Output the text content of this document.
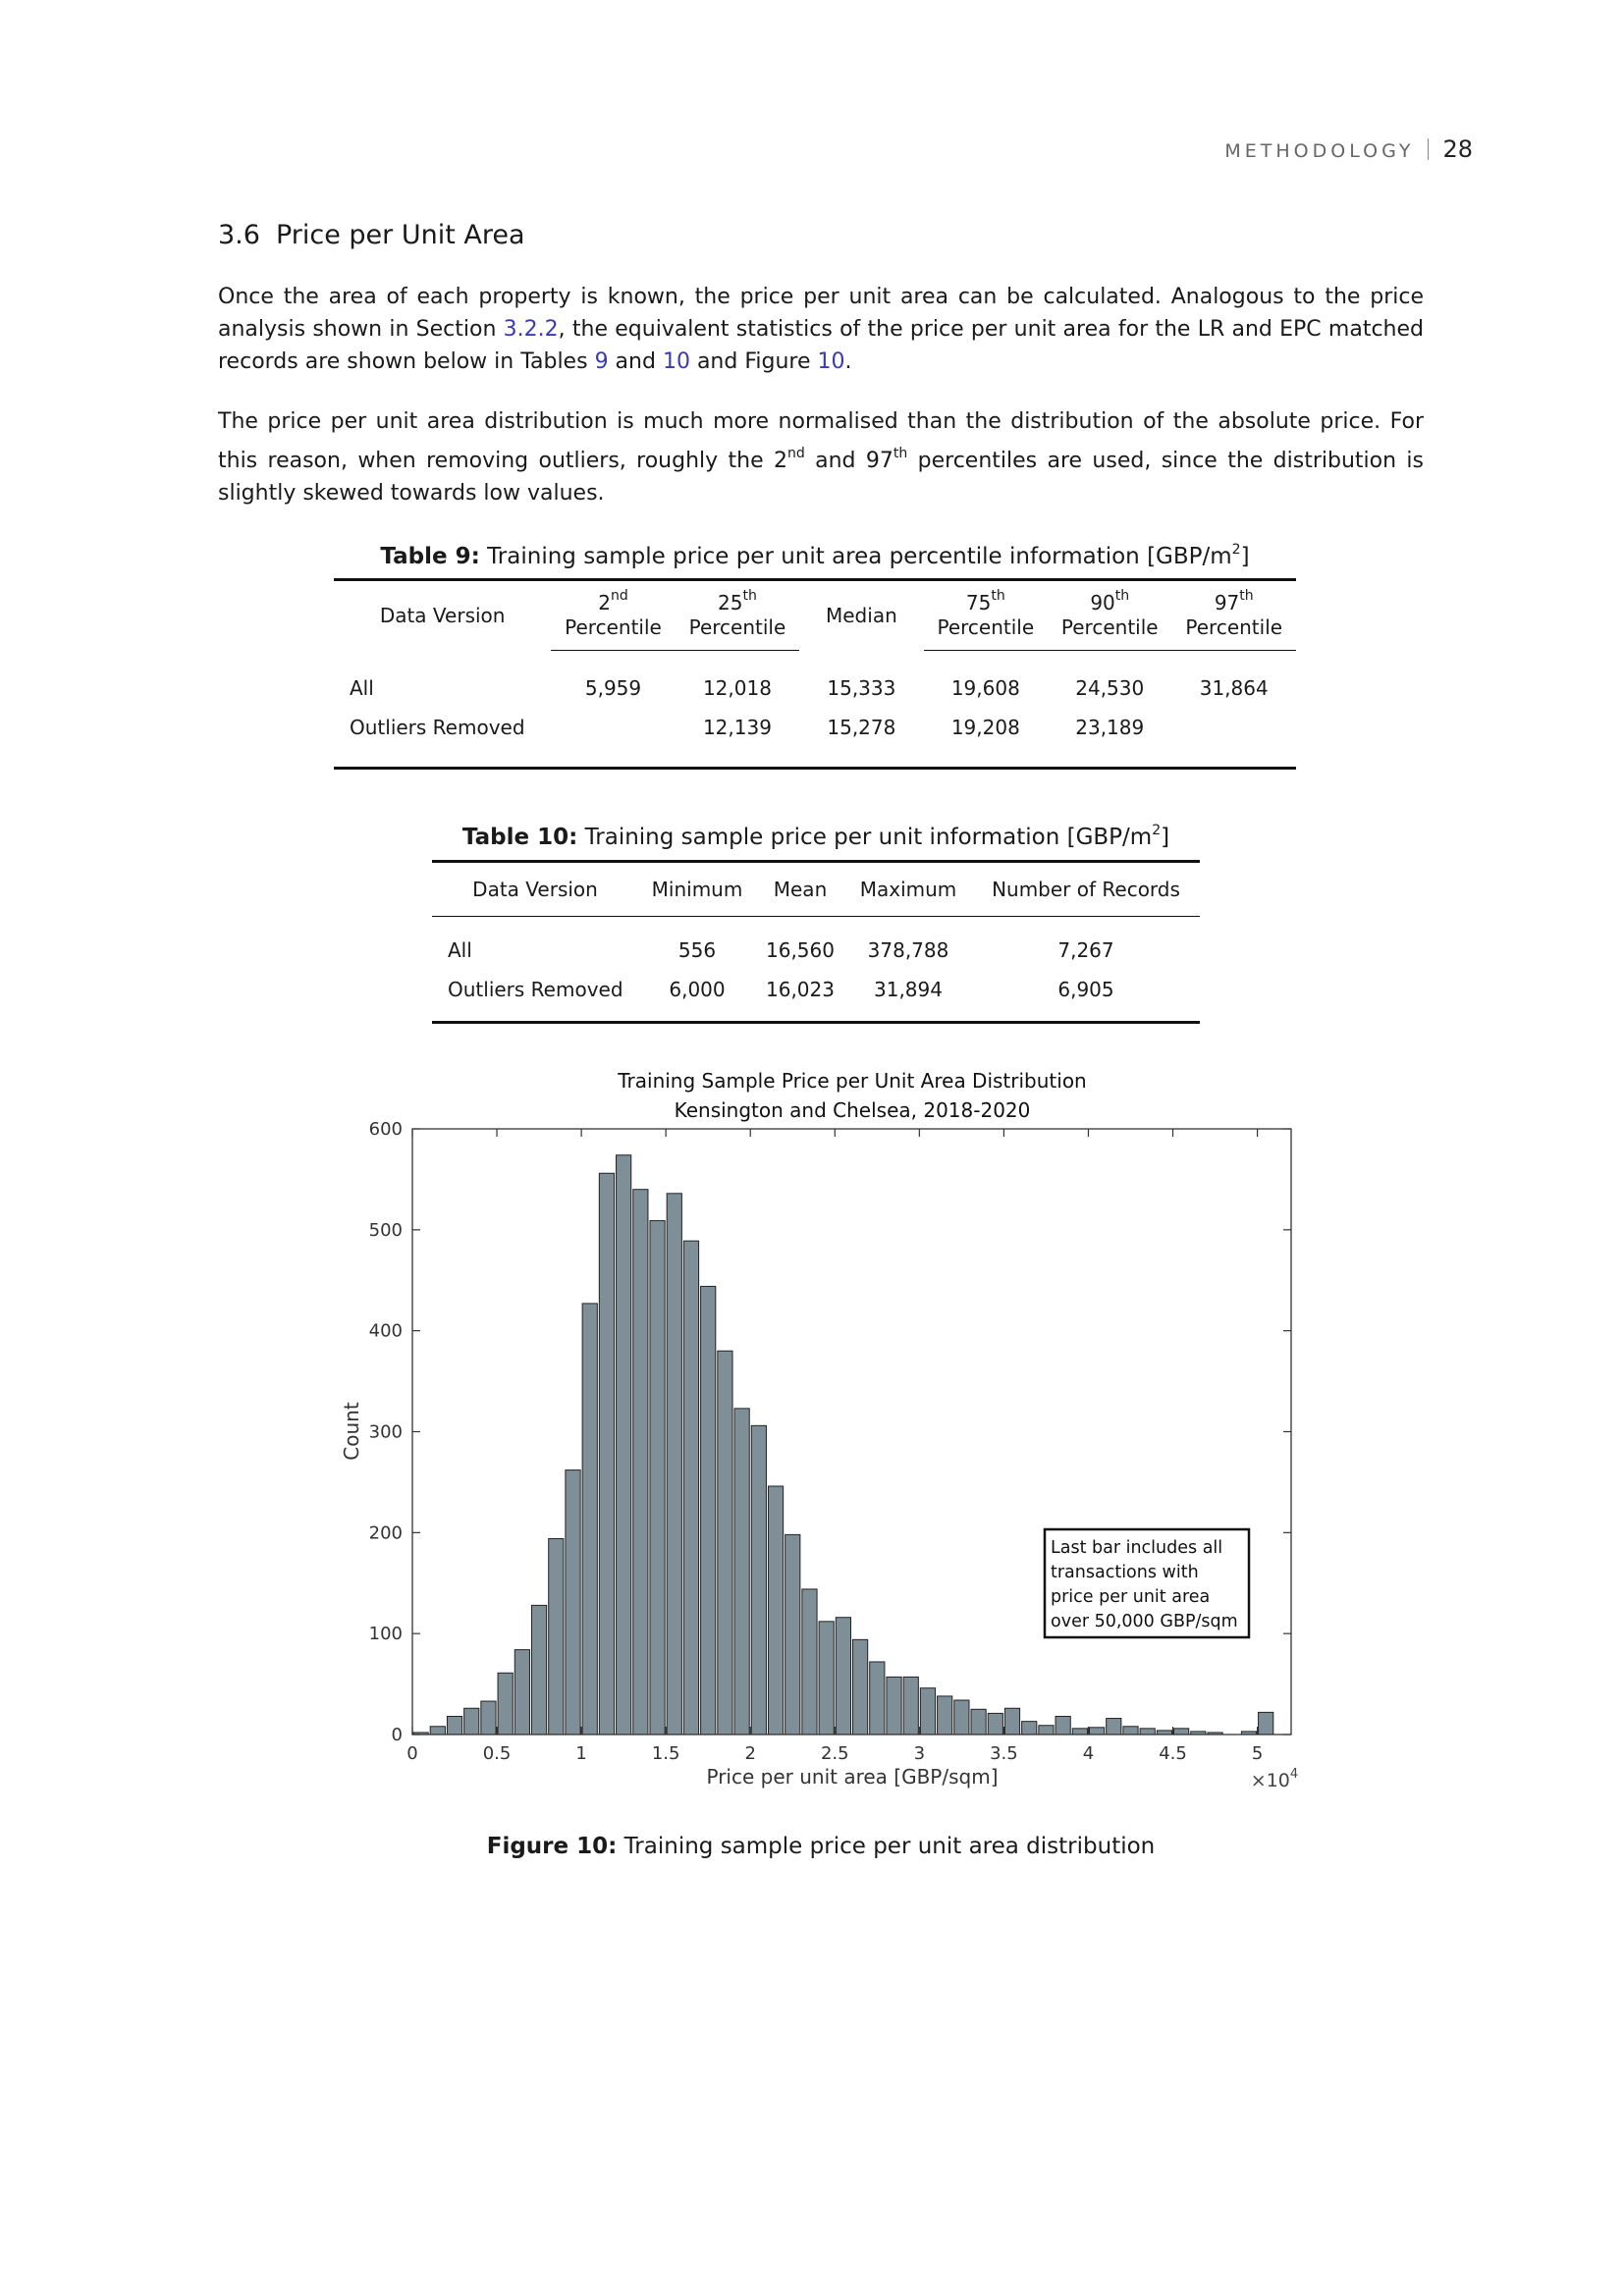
METHODOLOGY 28
3.6 Price per Unit Area
Once the area of each property is known, the price per unit area can be calculated. Analogous to the price analysis shown in Section 3.2.2, the equivalent statistics of the price per unit area for the LR and EPC matched records are shown below in Tables 9 and 10 and Figure 10.
The price per unit area distribution is much more normalised than the distribution of the absolute price. For this reason, when removing outliers, roughly the 2nd and 97th percentiles are used, since the distribution is slightly skewed towards low values.
Table 9: Training sample price per unit area percentile information $[GBP/m^2]$
Data Version	2nd	25th	Median	75th	90th	97th
	Percentile	Percentile		Percentile	Percentile	Percentile
All	5,959	12,018	15,333	19,608	24,530	31,864
Outliers Removed		12,139	15,278	19,208	23,189	
Table 10: Training sample price per unit information $[GBP/m^2]$
Data Version	Minimum	Mean	Maximum	Number of Records
All	556	16,560	378,788	7,267
Outliers Removed	6,000	16,023	31,894	6,905
Training Sample Price per Unit Area Distribution
Kensington and Chelsea, 2018-2020
0	0.5	1	1.5	2	2.5	3	3.5	4	4.5	5
0
100
200
300
400
500
600
Price per unit area [GBP/sqm]
Count
$\times 10^4$
Last bar includes all
transactions with
price per unit area
over 50,000 GBP/sqm
Figure 10: Training sample price per unit area distribution
